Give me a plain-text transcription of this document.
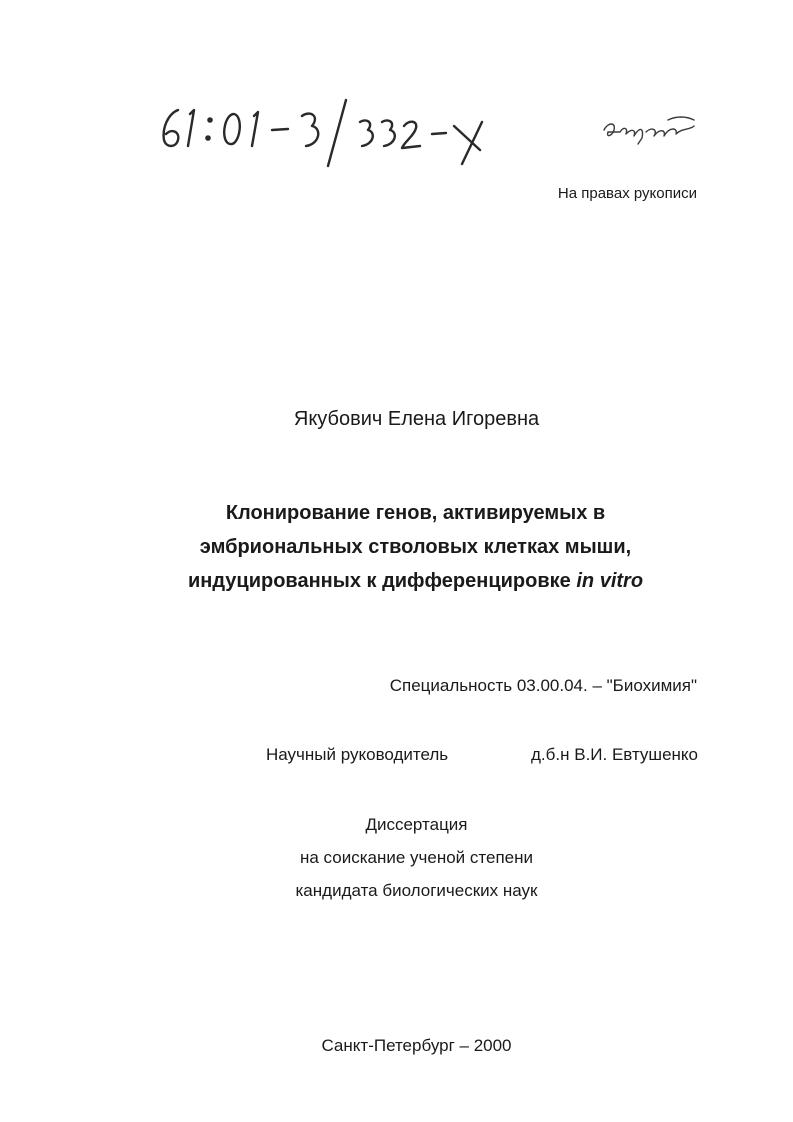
На правах рукописи
Якубович Елена Игоревна
Клонирование генов, активируемых в
эмбриональных стволовых клетках мыши,
индуцированных к дифференцировке in vitro
Специальность 03.00.04. – "Биохимия"
Научный руководитель	д.б.н В.И. Евтушенко
Диссертация
на соискание ученой степени
кандидата биологических наук
Санкт-Петербург – 2000
